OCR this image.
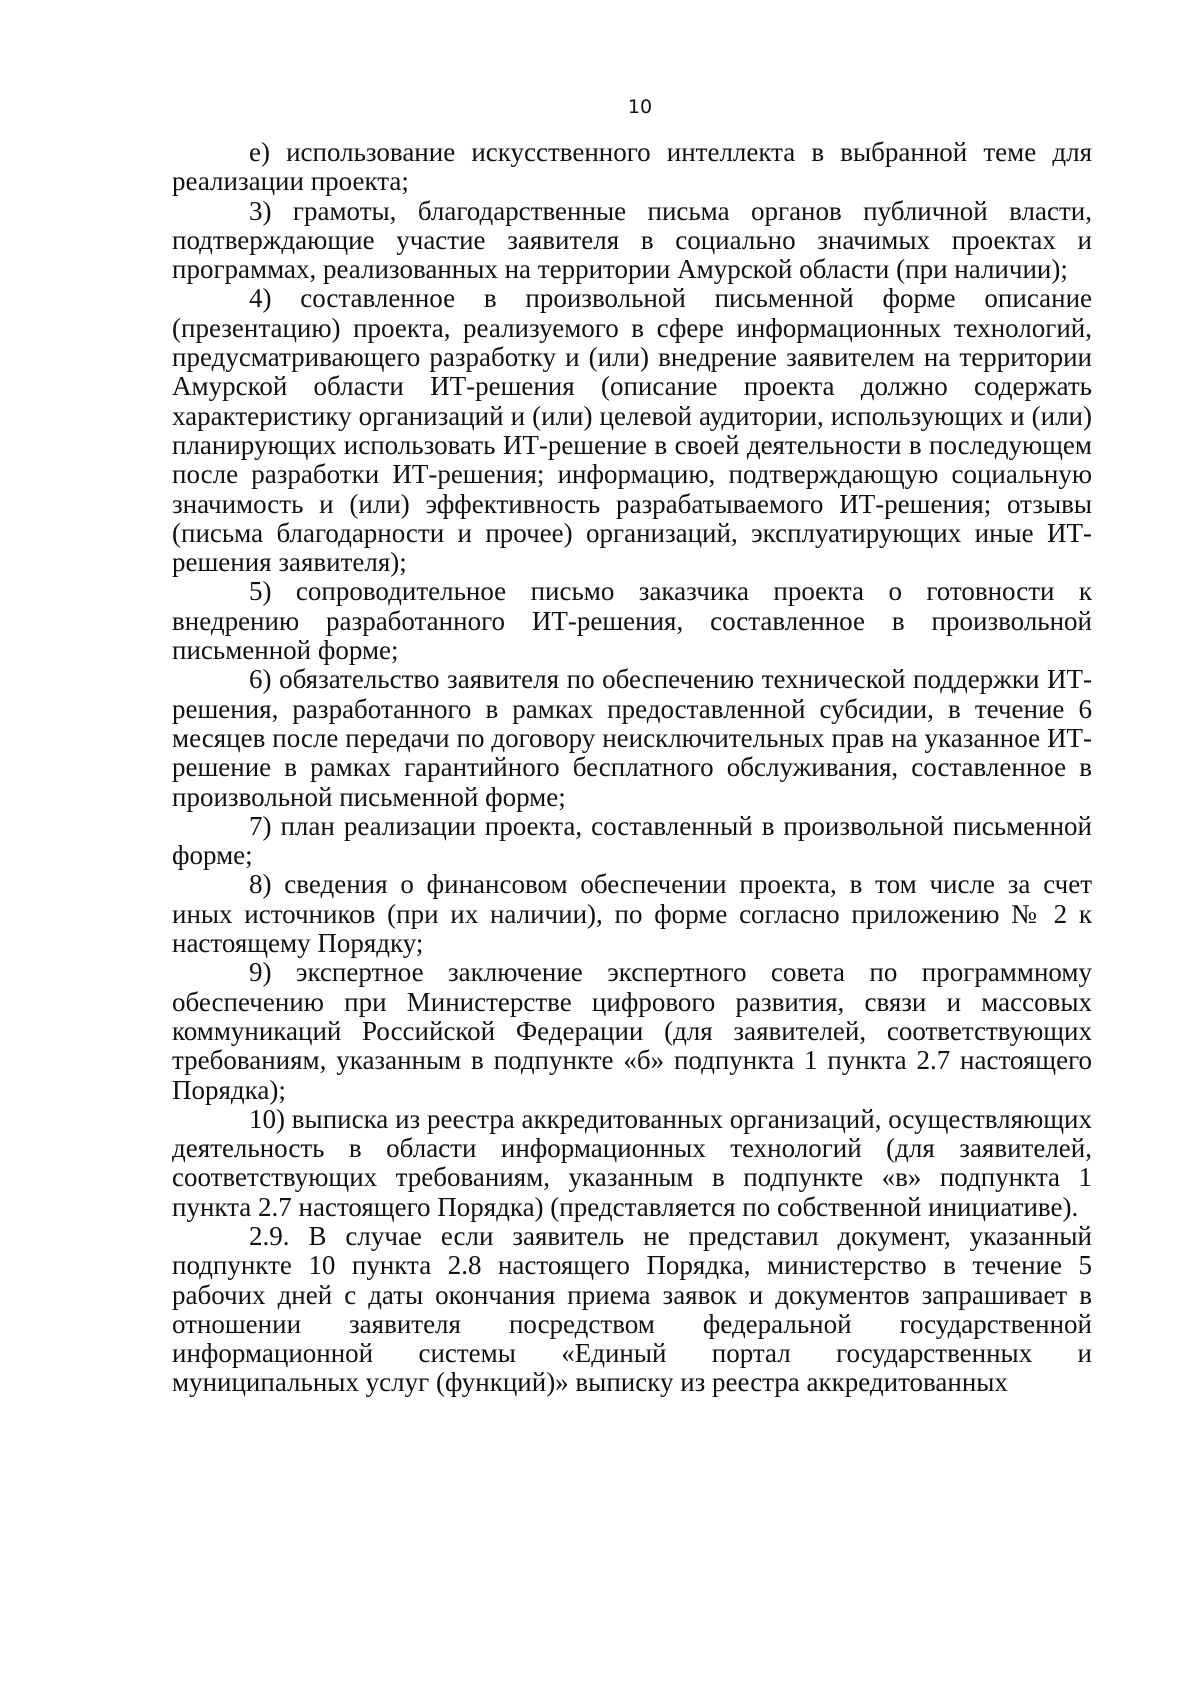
10

е) использование искусственного интеллекта в выбранной теме для реализации проекта;

3) грамоты, благодарственные письма органов публичной власти, подтверждающие участие заявителя в социально значимых проектах и программах, реализованных на территории Амурской области (при наличии);

4) составленное в произвольной письменной форме описание (презентацию) проекта, реализуемого в сфере информационных технологий, предусматривающего разработку и (или) внедрение заявителем на территории Амурской области ИТ-решения (описание проекта должно содержать характеристику организаций и (или) целевой аудитории, использующих и (или) планирующих использовать ИТ-решение в своей деятельности в последующем после разработки ИТ-решения; информацию, подтверждающую социальную значимость и (или) эффективность разрабатываемого ИТ-решения; отзывы (письма благодарности и прочее) организаций, эксплуатирующих иные ИТ-решения заявителя);

5) сопроводительное письмо заказчика проекта о готовности к внедрению разработанного ИТ-решения, составленное в произвольной письменной форме;

6) обязательство заявителя по обеспечению технической поддержки ИТ-решения, разработанного в рамках предоставленной субсидии, в течение 6 месяцев после передачи по договору неисключительных прав на указанное ИТ-решение в рамках гарантийного бесплатного обслуживания, составленное в произвольной письменной форме;

7) план реализации проекта, составленный в произвольной письменной форме;

8) сведения о финансовом обеспечении проекта, в том числе за счет иных источников (при их наличии), по форме согласно приложению № 2 к настоящему Порядку;

9) экспертное заключение экспертного совета по программному обеспечению при Министерстве цифрового развития, связи и массовых коммуникаций Российской Федерации (для заявителей, соответствующих требованиям, указанным в подпункте «б» подпункта 1 пункта 2.7 настоящего Порядка);

10) выписка из реестра аккредитованных организаций, осуществляющих деятельность в области информационных технологий (для заявителей, соответствующих требованиям, указанным в подпункте «в» подпункта 1 пункта 2.7 настоящего Порядка) (представляется по собственной инициативе).

2.9. В случае если заявитель не представил документ, указанный подпункте 10 пункта 2.8 настоящего Порядка, министерство в течение 5 рабочих дней с даты окончания приема заявок и документов запрашивает в отношении заявителя посредством федеральной государственной информационной системы «Единый портал государственных и муниципальных услуг (функций)» выписку из реестра аккредитованных
